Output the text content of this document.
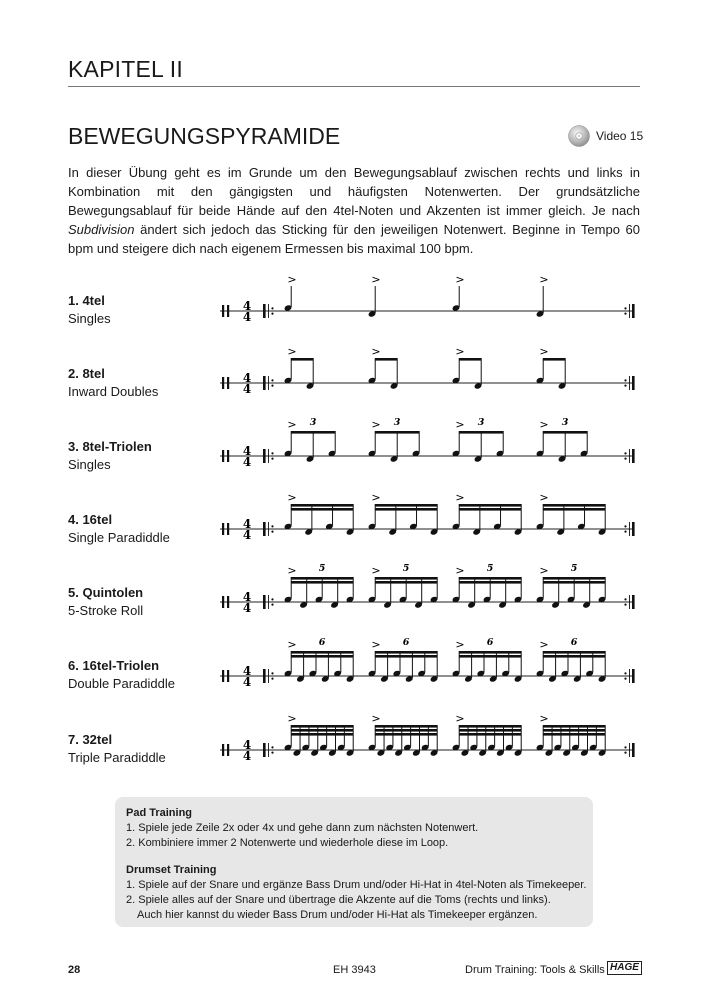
KAPITEL II
BEWEGUNGSPYRAMIDE	Video 15
In dieser Übung geht es im Grunde um den Bewegungsablauf zwischen rechts und links in Kombination mit den gängigsten und häufigsten Notenwerten. Der grundsätzliche Bewegungsablauf für beide Hände auf den 4tel-Noten und Akzenten ist immer gleich. Je nach Subdivision ändert sich jedoch das Sticking für den jeweiligen Notenwert. Beginne in Tempo 60 bpm und steigere dich nach eigenem Ermessen bis maximal 100 bpm.
1. 4tel
Singles
2. 8tel
Inward Doubles
3. 8tel-Triolen
Singles
4. 16tel
Single Paradiddle
5. Quintolen
5-Stroke Roll
6. 16tel-Triolen
Double Paradiddle
7. 32tel
Triple Paradiddle
4
4
>	>	>	>
4
4
>	>	>	>
4
4
> 3	> 3	> 3	> 3
4
4
>	>	>	>
4
4
> 5	> 5	> 5	> 5
4
4
> 6	> 6	> 6	> 6
4
4
>	>	>	>
Pad Training
1. Spiele jede Zeile 2x oder 4x und gehe dann zum nächsten Notenwert.
2. Kombiniere immer 2 Notenwerte und wiederhole diese im Loop.
Drumset Training
1. Spiele auf der Snare und ergänze Bass Drum und/oder Hi-Hat in 4tel-Noten als Timekeeper.
2. Spiele alles auf der Snare und übertrage die Akzente auf die Toms (rechts und links).
Auch hier kannst du wieder Bass Drum und/oder Hi-Hat als Timekeeper ergänzen.
28	EH 3943	Drum Training: Tools & Skills HAGE
